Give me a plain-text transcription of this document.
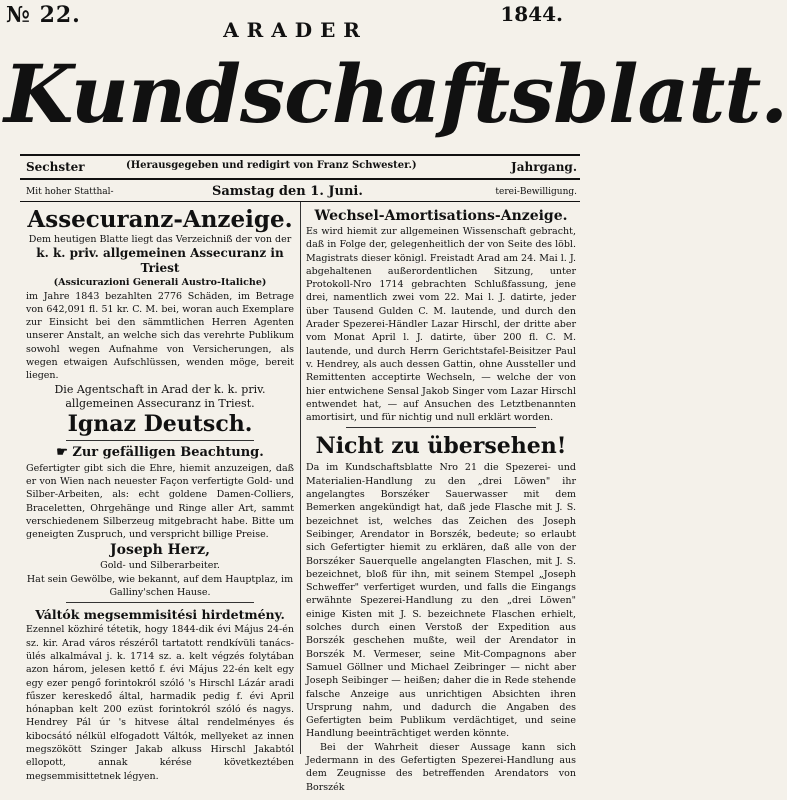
№ 22.	1844.
ARADER
Kundschaftsblatt.
Sechster	(Herausgegeben und redigirt von Franz Schwester.)	Jahrgang.
Mit hoher Statthal-	Samstag den 1. Juni.	terei-Bewilligung.
Assecuranz-Anzeige.

Dem heutigen Blatte liegt das Verzeichniß der von der

k. k. priv. allgemeinen Assecuranz in Triest

(Assicurazioni Generali Austro-Italiche)

im Jahre 1843 bezahlten 2776 Schäden, im Betrage von 642,091 fl. 51 kr. C. M. bei, woran auch Exemplare zur Einsicht bei den sämmtlichen Herren Agenten unserer Anstalt, an welche sich das verehrte Publikum sowohl wegen Aufnahme von Versicherungen, als wegen etwaigen Aufschlüssen, wenden möge, bereit liegen.

Die Agentschaft in Arad der k. k. priv. allgemeinen Assecuranz in Triest.

Ignaz Deutsch.
☛ Zur gefälligen Beachtung.

Gefertigter gibt sich die Ehre, hiemit anzuzeigen, daß er von Wien nach neuester Façon verfertigte Gold- und Silber-Arbeiten, als: echt goldene Damen-Colliers, Braceletten, Ohrgehänge und Ringe aller Art, sammt verschiedenem Silberzeug mitgebracht habe. Bitte um geneigten Zuspruch, und verspricht billige Preise.

Joseph Herz,

Gold- und Silberarbeiter.

Hat sein Gewölbe, wie bekannt, auf dem Hauptplaz, im Galliny'schen Hause.

Váltók megsemmisitési hirdetmény.

Ezennel közhiré tétetik, hogy 1844-dik évi Május 24-én sz. kir. Arad város részéről tartatott rendkívüli tanács-ülés alkalmával j. k. 1714 sz. a. kelt végzés folytában azon három, jelesen kettő f. évi Május 22-én kelt egy egy ezer pengő forintokról szóló 's Hirschl Lázár aradi fűszer kereskedő által, harmadik pedig f. évi April hónapban kelt 200 ezüst forintokról szóló és nagys. Hendrey Pál úr 's hitvese által rendelményes és kibocsátó nélkül elfogadott Váltók, mellyeket az innen megszökött Szinger Jakab alkuss Hirschl Jakabtól ellopott, annak kérése következtében megsemmisittetnek légyen.

Wechsel-Amortisations-Anzeige.

Es wird hiemit zur allgemeinen Wissenschaft gebracht, daß in Folge der, gelegenheitlich der von Seite des löbl. Magistrats dieser königl. Freistadt Arad am 24. Mai l. J. abgehaltenen außerordentlichen Sitzung, unter Protokoll-Nro 1714 gebrachten Schlußfassung, jene drei, namentlich zwei vom 22. Mai l. J. datirte, jeder über Tausend Gulden C. M. lautende, und durch den Arader Spezerei-Händler Lazar Hirschl, der dritte aber vom Monat April l. J. datirte, über 200 fl. C. M. lautende, und durch Herrn Gerichtstafel-Beisitzer Paul v. Hendrey, als auch dessen Gattin, ohne Aussteller und Remittenten acceptirte Wechseln, — welche der von hier entwichene Sensal Jakob Singer vom Lazar Hirschl entwendet hat, — auf Ansuchen des Letztbenannten amortisirt, und für nichtig und null erklärt worden.

Nicht zu übersehen!

Da im Kundschaftsblatte Nro 21 die Spezerei- und Materialien-Handlung zu den „drei Löwen" ihr angelangtes Borszéker Sauerwasser mit dem Bemerken angekündigt hat, daß jede Flasche mit J. S. bezeichnet ist, welches das Zeichen des Joseph Seibinger, Arendator in Borszék, bedeute; so erlaubt sich Gefertigter hiemit zu erklären, daß alle von der Borszéker Sauerquelle angelangten Flaschen, mit J. S. bezeichnet, bloß für ihn, mit seinem Stempel „Joseph Schweffer" verfertiget wurden, und falls die Eingangs erwähnte Spezerei-Handlung zu den „drei Löwen" einige Kisten mit J. S. bezeichnete Flaschen erhielt, solches durch einen Verstoß der Expedition aus Borszék geschehen mußte, weil der Arendator in Borszék M. Vermeser, seine Mit-Compagnons aber Samuel Göllner und Michael Zeibringer — nicht aber Joseph Seibinger — heißen; daher die in Rede stehende falsche Anzeige aus unrichtigen Absichten ihren Ursprung nahm, und dadurch die Angaben des Gefertigten beim Publikum verdächtiget, und seine Handlung beeinträchtiget werden könnte.

Bei der Wahrheit dieser Aussage kann sich Jedermann in des Gefertigten Spezerei-Handlung aus dem Zeugnisse des betreffenden Arendators von Borszék
